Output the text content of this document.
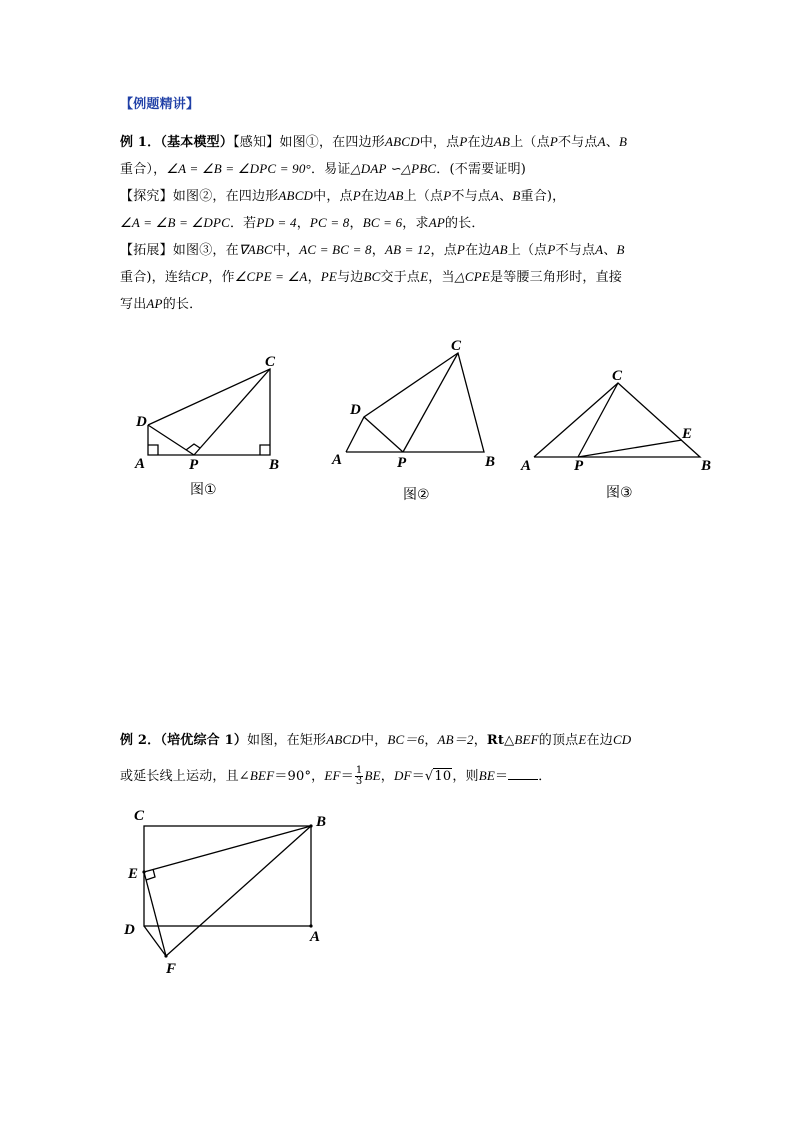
【例题精讲】
例 1．（基本模型）【感知】如图①，在四边形ABCD中，点P在边AB上（点P不与点A、B
重合），∠A = ∠B = ∠DPC = 90°．易证△DAP ∽△PBC．(不需要证明)
【探究】如图②，在四边形ABCD中，点P在边AB上（点P不与点A、B重合)，
∠A = ∠B = ∠DPC．若PD = 4，PC = 8，BC = 6，求AP的长．
【拓展】如图③，在∇ABC中，AC = BC = 8，AB = 12，点P在边AB上（点P不与点A、B
重合)，连结CP，作∠CPE = ∠A，PE与边BC交于点E，当△CPE是等腰三角形时，直接
写出AP的长．
A	P	B
C
D
A	P	B
C
D
A	P	B
C
E
C	B
E
D	A
F
图①	图②	图③
例 2．（培优综合 1）如图，在矩形ABCD中，BC＝6，AB＝2，Rt△BEF的顶点E在边CD
或延长线上运动，且∠BEF＝90°，$EF= \frac{1}{3}$ BE，DF＝√10，则BE＝ ．
